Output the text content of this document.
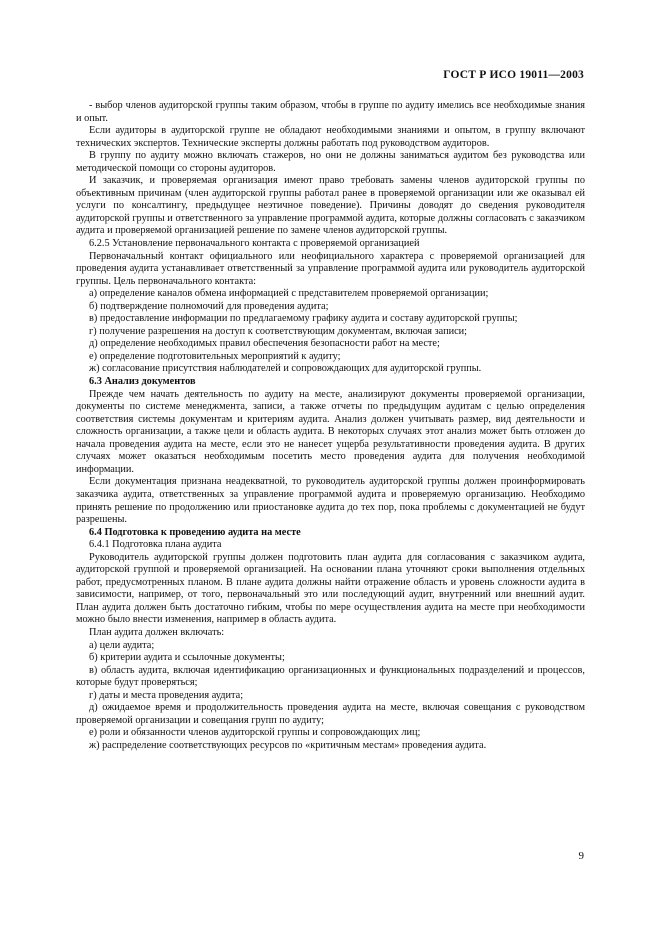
ГОСТ Р ИСО 19011—2003

- выбор членов аудиторской группы таким образом, чтобы в группе по аудиту имелись все необходимые знания и опыт.

Если аудиторы в аудиторской группе не обладают необходимыми знаниями и опытом, в группу включают технических экспертов. Технические эксперты должны работать под руководством аудиторов.

В группу по аудиту можно включать стажеров, но они не должны заниматься аудитом без руководства или методической помощи со стороны аудиторов.

И заказчик, и проверяемая организация имеют право требовать замены членов аудиторской группы по объективным причинам (член аудиторской группы работал ранее в проверяемой организации или же оказывал ей услуги по консалтингу, предыдущее неэтичное поведение). Причины доводят до сведения руководителя аудиторской группы и ответственного за управление программой аудита, которые должны согласовать с заказчиком аудита и проверяемой организацией решение по замене членов аудиторской группы.

6.2.5 Установление первоначального контакта с проверяемой организацией

Первоначальный контакт официального или неофициального характера с проверяемой организацией для проведения аудита устанавливает ответственный за управление программой аудита или руководитель аудиторской группы. Цель первоначального контакта:

а) определение каналов обмена информацией с представителем проверяемой организации;

б) подтверждение полномочий для проведения аудита;

в) предоставление информации по предлагаемому графику аудита и составу аудиторской группы;

г) получение разрешения на доступ к соответствующим документам, включая записи;

д) определение необходимых правил обеспечения безопасности работ на месте;

е) определение подготовительных мероприятий к аудиту;

ж) согласование присутствия наблюдателей и сопровождающих для аудиторской группы.

6.3 Анализ документов

Прежде чем начать деятельность по аудиту на месте, анализируют документы проверяемой организации, документы по системе менеджмента, записи, а также отчеты по предыдущим аудитам с целью определения соответствия системы документам и критериям аудита. Анализ должен учитывать размер, вид деятельности и сложность организации, а также цели и область аудита. В некоторых случаях этот анализ может быть отложен до начала проведения аудита на месте, если это не нанесет ущерба результативности проведения аудита. В других случаях может оказаться необходимым посетить место проведения аудита для получения необходимой информации.

Если документация признана неадекватной, то руководитель аудиторской группы должен проинформировать заказчика аудита, ответственных за управление программой аудита и проверяемую организацию. Необходимо принять решение по продолжению или приостановке аудита до тех пор, пока проблемы с документацией не будут разрешены.

6.4 Подготовка к проведению аудита на месте

6.4.1 Подготовка плана аудита

Руководитель аудиторской группы должен подготовить план аудита для согласования с заказчиком аудита, аудиторской группой и проверяемой организацией. На основании плана уточняют сроки выполнения отдельных работ, предусмотренных планом. В плане аудита должны найти отражение область и уровень сложности аудита в зависимости, например, от того, первоначальный это или последующий аудит, внутренний или внешний аудит. План аудита должен быть достаточно гибким, чтобы по мере осуществления аудита на месте при необходимости можно было внести изменения, например в область аудита.

План аудита должен включать:

а) цели аудита;

б) критерии аудита и ссылочные документы;

в) область аудита, включая идентификацию организационных и функциональных подразделений и процессов, которые будут проверяться;

г) даты и места проведения аудита;

д) ожидаемое время и продолжительность проведения аудита на месте, включая совещания с руководством проверяемой организации и совещания групп по аудиту;

е) роли и обязанности членов аудиторской группы и сопровождающих лиц;

ж) распределение соответствующих ресурсов по «критичным местам» проведения аудита.

9
